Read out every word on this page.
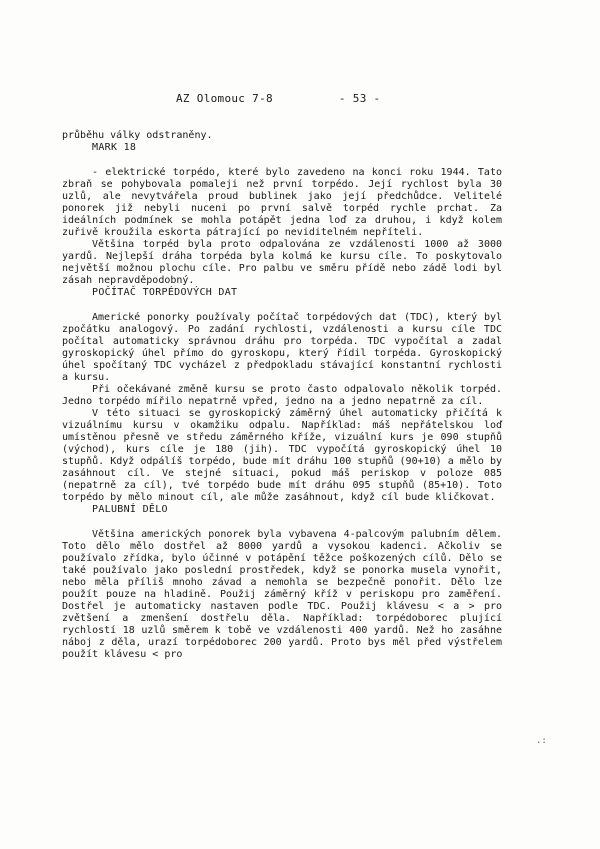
AZ Olomouc 7-8	- 53 -

průběhu války odstraněny.

MARK 18

- elektrické torpédo, které bylo zavedeno na konci roku 1944. Tato zbraň se pohybovala pomaleji než první torpédo. Její rychlost byla 30 uzlů, ale nevytvářela proud bublinek jako její předchůdce. Velitelé ponorek již nebyli nuceni po první salvě torpéd rychle prchat. Za ideálních podmínek se mohla potápět jedna loď za druhou, i když kolem zuřivě kroužila eskorta pátrající po neviditelném nepříteli.

Většina torpéd byla proto odpalována ze vzdálenosti 1000 až 3000 yardů. Nejlepší dráha torpéda byla kolmá ke kursu cíle. To poskytovalo největší možnou plochu cíle. Pro palbu ve směru přídě nebo zádě lodi byl zásah nepravděpodobný.

POČÍTAČ TORPÉDOVÝCH DAT

Americké ponorky používaly počítač torpédových dat (TDC), který byl zpočátku analogový. Po zadání rychlosti, vzdálenosti a kursu cíle TDC počítal automaticky správnou dráhu pro torpéda. TDC vypočítal a zadal gyroskopický úhel přímo do gyroskopu, který řídil torpéda. Gyroskopický úhel spočítaný TDC vycházel z předpokladu stávající konstantní rychlosti a kursu.

Při očekávané změně kursu se proto často odpalovalo několik torpéd. Jedno torpédo mířilo nepatrně vpřed, jedno na a jedno nepatrně za cíl.

V této situaci se gyroskopický záměrný úhel automaticky přičítá k vizuálnímu kursu v okamžiku odpalu. Například: máš nepřátelskou loď umístěnou přesně ve středu záměrného kříže, vizuální kurs je 090 stupňů (východ), kurs cíle je 180 (jih). TDC vypočítá gyroskopický úhel 10 stupňů. Když odpálíš torpédo, bude mít dráhu 100 stupňů (90+10) a mělo by zasáhnout cíl. Ve stejné situaci, pokud máš periskop v poloze 085 (nepatrně za cíl), tvé torpédo bude mít dráhu 095 stupňů (85+10). Toto torpédo by mělo minout cíl, ale může zasáhnout, když cíl bude kličkovat.

PALUBNÍ DĚLO

Většina amerických ponorek byla vybavena 4-palcovým palubním dělem. Toto dělo mělo dostřel až 8000 yardů a vysokou kadenci. Ačkoliv se používalo zřídka, bylo účinné v potápění těžce poškozených cílů. Dělo se také používalo jako poslední prostředek, když se ponorka musela vynořit, nebo měla příliš mnoho závad a nemohla se bezpečně ponořit. Dělo lze použít pouze na hladině. Použij záměrný kříž v periskopu pro zaměření. Dostřel je automaticky nastaven podle TDC. Použij klávesu < a > pro zvětšení a zmenšení dostřelu děla. Například: torpédoborec plující rychlostí 18 uzlů směrem k tobě ve vzdálenosti 400 yardů. Než ho zasáhne náboj z děla, urazí torpédoborec 200 yardů. Proto bys měl před výstřelem použít klávesu < pro

.:
